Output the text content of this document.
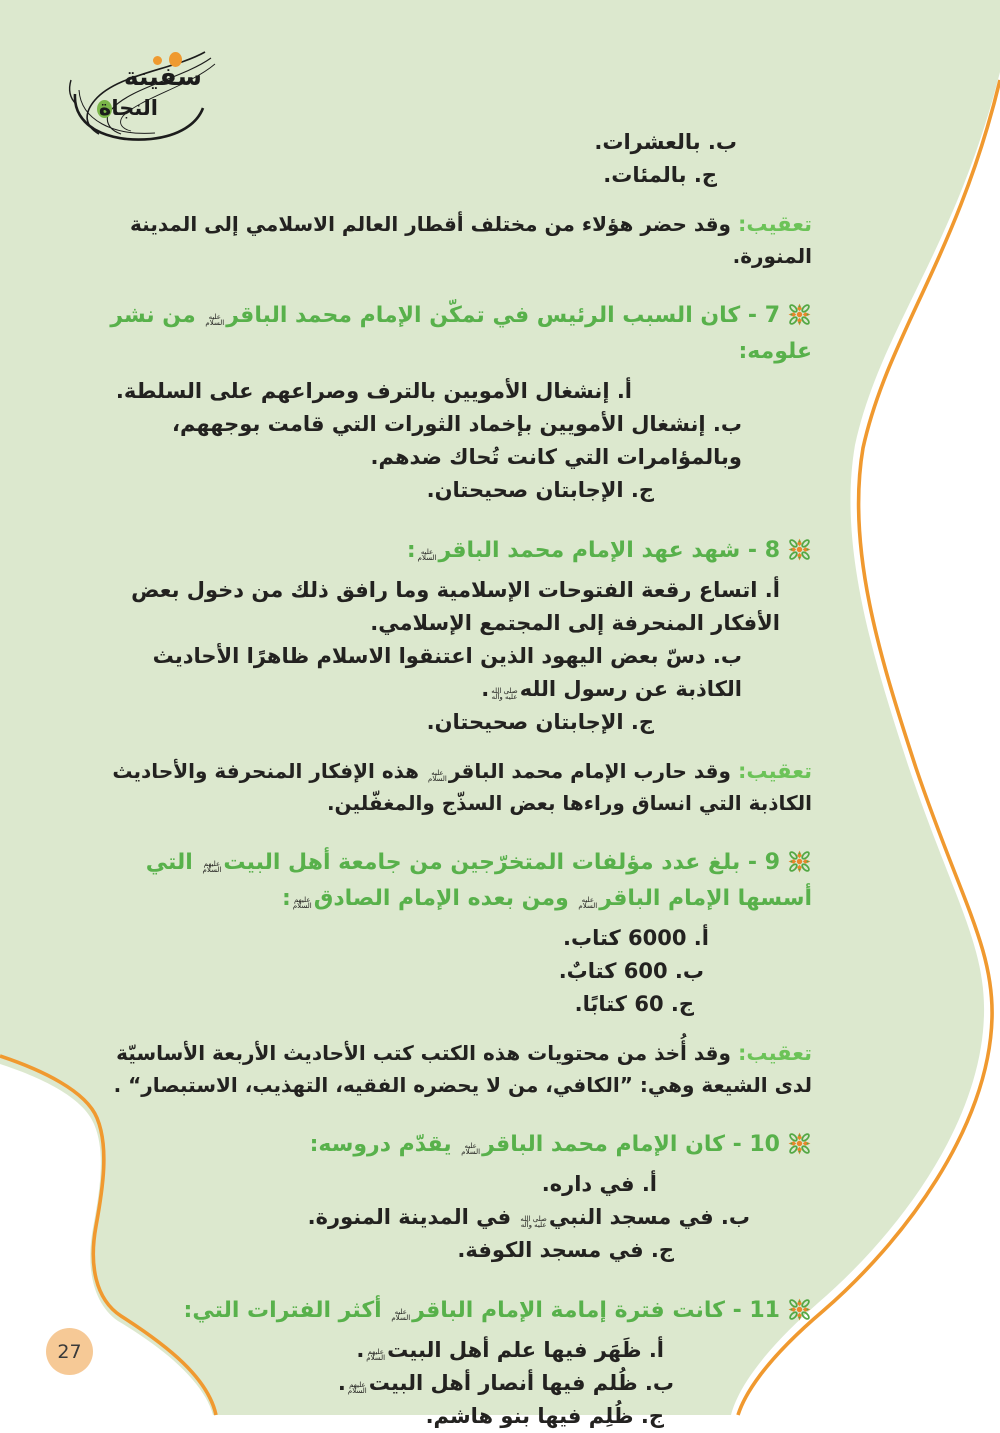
سفينة
النجاة
ب. بالعشرات.
ج. بالمئات.
تعقيب: وقد حضر هؤلاء من مختلف أقطار العالم الاسلامي إلى المدينة المنورة.
7 - كان السبب الرئيس في تمكّن الإمام محمد الباقرعليه
السلام من نشر علومه:
أ. إنشغال الأمويين بالترف وصراعهم على السلطة.
ب. إنشغال الأمويين بإخماد الثورات التي قامت بوجههم، وبالمؤامرات التي كانت تُحاك ضدهم.
ج. الإجابتان صحيحتان.
8 - شهد عهد الإمام محمد الباقرعليه
السلام:
أ. اتساع رقعة الفتوحات الإسلامية وما رافق ذلك من دخول بعض الأفكار المنحرفة إلى المجتمع الإسلامي.
ب. دسّ بعض اليهود الذين اعتنقوا الاسلام ظاهرًا الأحاديث الكاذبة عن رسول اللهصلى الله
عليه وآله.
ج. الإجابتان صحيحتان.
تعقيب: وقد حارب الإمام محمد الباقرعليه
السلام هذه الإفكار المنحرفة والأحاديث الكاذبة التي انساق وراءها بعض السذّج والمغفّلين.
9 - بلغ عدد مؤلفات المتخرّجين من جامعة أهل البيتعليهم
السلام التي أسسها الإمام الباقرعليه
السلام ومن بعده الإمام الصادقعليهم
السلام:
أ. 6000 كتاب.
ب. 600 كتابٌ.
ج. 60 كتابًا.
تعقيب: وقد أُخذ من محتويات هذه الكتب كتب الأحاديث الأربعة الأساسيّة لدى الشيعة وهي: ”الكافي، من لا يحضره الفقيه، التهذيب، الاستبصار“ .
10 - كان الإمام محمد الباقرعليه
السلام يقدّم دروسه:
أ. في داره.
ب. في مسجد النبيصلى الله
عليه وآله في المدينة المنورة.
ج. في مسجد الكوفة.
11 - كانت فترة إمامة الإمام الباقرعليه
السلام أكثر الفترات التي:
أ. ظَهَر فيها علم أهل البيتعليهم
السلام.
ب. ظُلم فيها أنصار أهل البيتعليهم
السلام.
ج. ظُلِم فيها بنو هاشم.
27
